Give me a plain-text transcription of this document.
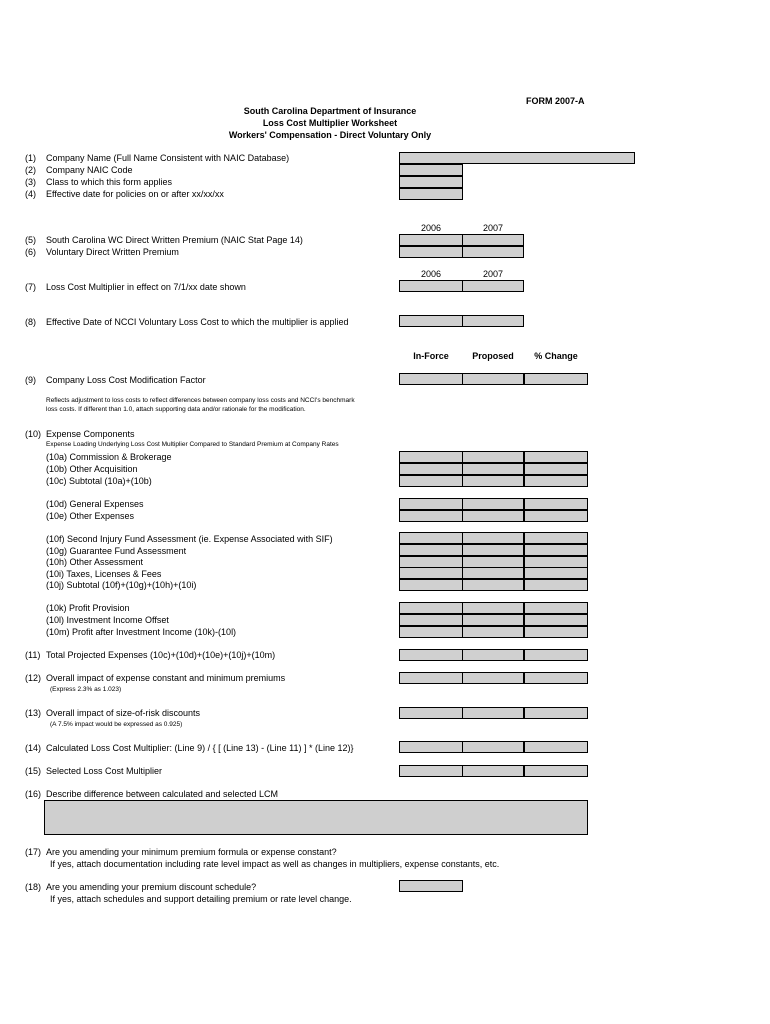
FORM 2007-A
South Carolina Department of Insurance
Loss Cost Multiplier Worksheet
Workers' Compensation - Direct Voluntary Only
(1) Company Name (Full Name Consistent with NAIC Database)
(2) Company NAIC Code
(3) Class to which this form applies
(4) Effective date for policies on or after xx/xx/xx
2006	2007
(5) South Carolina WC Direct Written Premium (NAIC Stat Page 14)
(6) Voluntary Direct Written Premium
2006	2007
(7) Loss Cost Multiplier in effect on 7/1/xx date shown
(8) Effective Date of NCCI Voluntary Loss Cost to which the multiplier is applied
In-Force	Proposed	% Change
(9) Company Loss Cost Modification Factor
Reflects adjustment to loss costs to reflect differences between company loss costs and NCCI's benchmark
loss costs. If different than 1.0, attach supporting data and/or rationale for the modification.
(10) Expense Components
Expense Loading Underlying Loss Cost Multiplier Compared to Standard Premium at Company Rates
(10a) Commission & Brokerage
(10b) Other Acquisition
(10c) Subtotal (10a)+(10b)
(10d) General Expenses
(10e) Other Expenses
(10f) Second Injury Fund Assessment (ie. Expense Associated with SIF)
(10g) Guarantee Fund Assessment
(10h) Other Assessment
(10i) Taxes, Licenses & Fees
(10j) Subtotal (10f)+(10g)+(10h)+(10i)
(10k) Profit Provision
(10l) Investment Income Offset
(10m) Profit after Investment Income (10k)-(10l)
(11) Total Projected Expenses (10c)+(10d)+(10e)+(10j)+(10m)
(12) Overall impact of expense constant and minimum premiums
(Express 2.3% as 1.023)
(13) Overall impact of size-of-risk discounts
(A 7.5% impact would be expressed as 0.925)
(14) Calculated Loss Cost Multiplier: (Line 9) / { [ (Line 13) - (Line 11) ] * (Line 12)}
(15) Selected Loss Cost Multiplier
(16) Describe difference between calculated and selected LCM
(17) Are you amending your minimum premium formula or expense constant?
If yes, attach documentation including rate level impact as well as changes in multipliers, expense constants, etc.
(18) Are you amending your premium discount schedule?
If yes, attach schedules and support detailing premium or rate level change.
